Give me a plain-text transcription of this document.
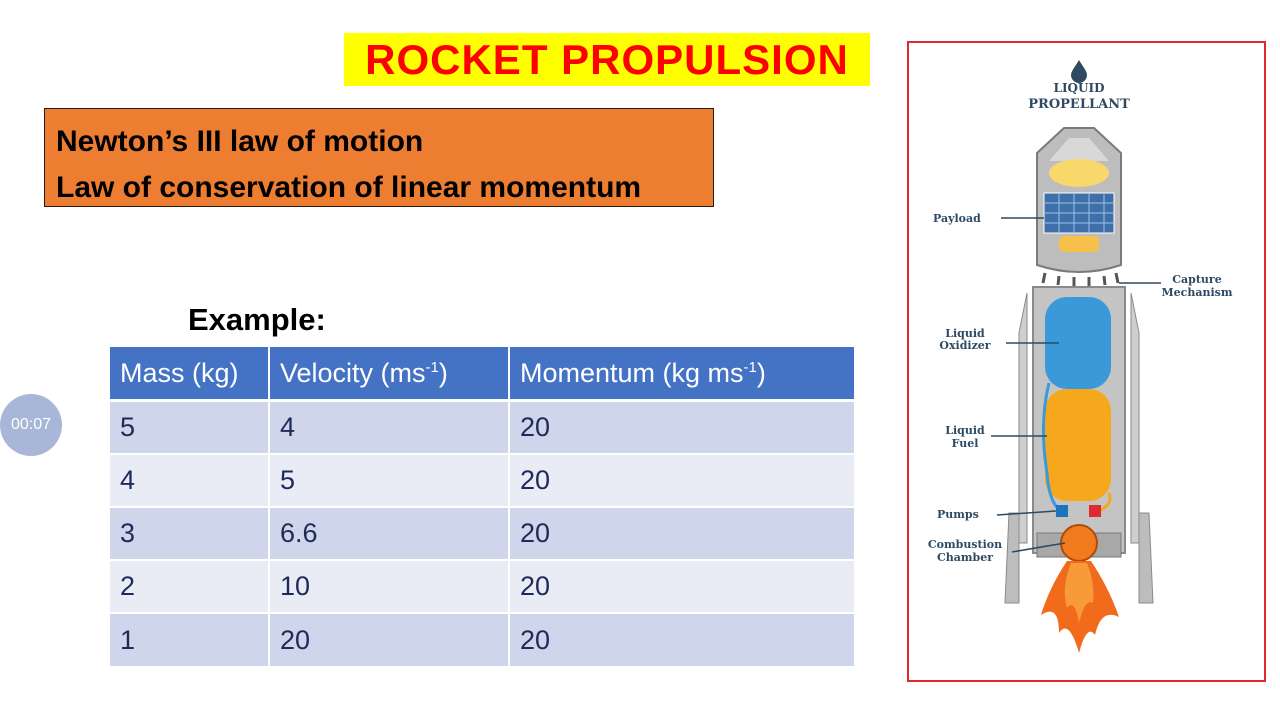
ROCKET PROPULSION
Newton’s III law of motion
Law of conservation of linear momentum
Example:
Mass (kg)	Velocity $(ms^{-1})$	Momentum (kg $ms^{-1}$)
5	4	20
4	5	20
3	6.6	20
2	10	20
1	20	20
00:07
LIQUID
PROPELLANT
Payload
Capture
Mechanism
Liquid
Oxidizer
Liquid
Fuel
Pumps
Combustion
Chamber
